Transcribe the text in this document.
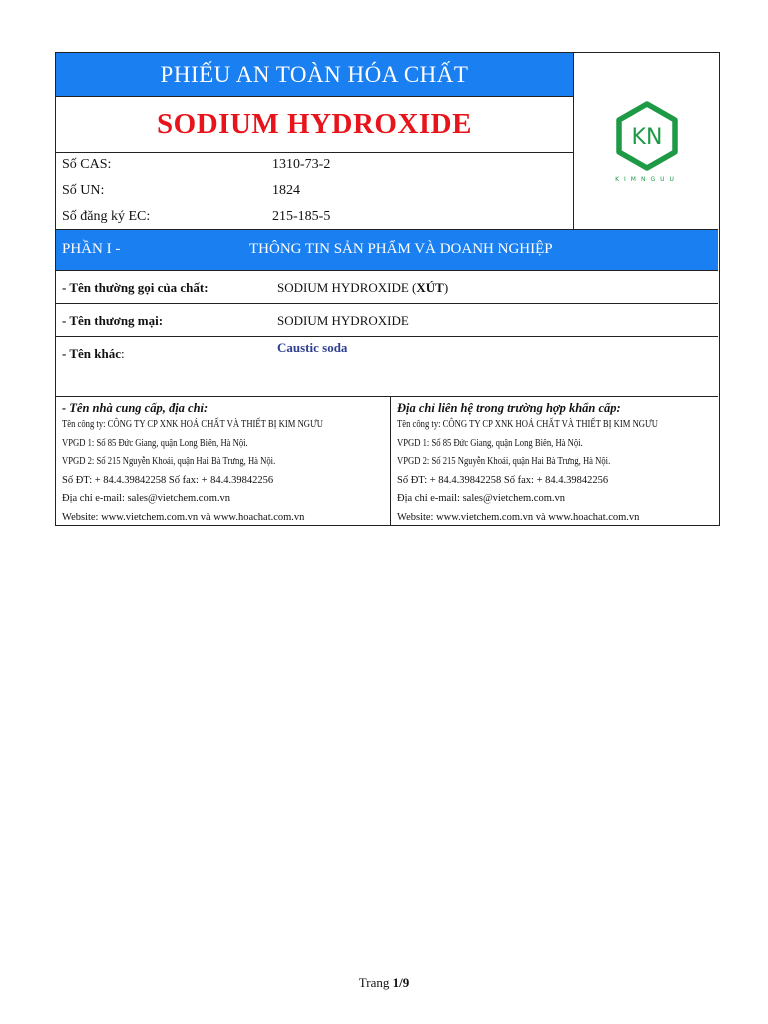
PHIẾU AN TOÀN HÓA CHẤT
SODIUM HYDROXIDE	KN
KIMNGUU
Số CAS:	1310-73-2
Số UN:	1824
Số đăng ký EC:	215-185-5
PHẦN I -	THÔNG TIN SẢN PHẨM VÀ DOANH NGHIỆP
- Tên thường gọi của chất:	SODIUM HYDROXIDE (XÚT)
- Tên thương mại:	SODIUM HYDROXIDE
- Tên khác:	Caustic soda
- Tên nhà cung cấp, địa chỉ:
Tên công ty: CÔNG TY CP XNK HOÁ CHẤT VÀ THIẾT BỊ KIM NGƯU
VPGD 1: Số 85 Đức Giang, quận Long Biên, Hà Nội.
VPGD 2: Số 215 Nguyễn Khoái, quận Hai Bà Trưng, Hà Nội.
Số ĐT: + 84.4.39842258 Số fax: + 84.4.39842256
Địa chỉ e-mail: sales@vietchem.com.vn
Website: www.vietchem.com.vn và www.hoachat.com.vn
Địa chỉ liên hệ trong trường hợp khẩn cấp:
Tên công ty: CÔNG TY CP XNK HOÁ CHẤT VÀ THIẾT BỊ KIM NGƯU
VPGD 1: Số 85 Đức Giang, quận Long Biên, Hà Nội.
VPGD 2: Số 215 Nguyễn Khoái, quận Hai Bà Trưng, Hà Nội.
Số ĐT: + 84.4.39842258 Số fax: + 84.4.39842256
Địa chỉ e-mail: sales@vietchem.com.vn
Website: www.vietchem.com.vn và www.hoachat.com.vn
Trang 1/9
